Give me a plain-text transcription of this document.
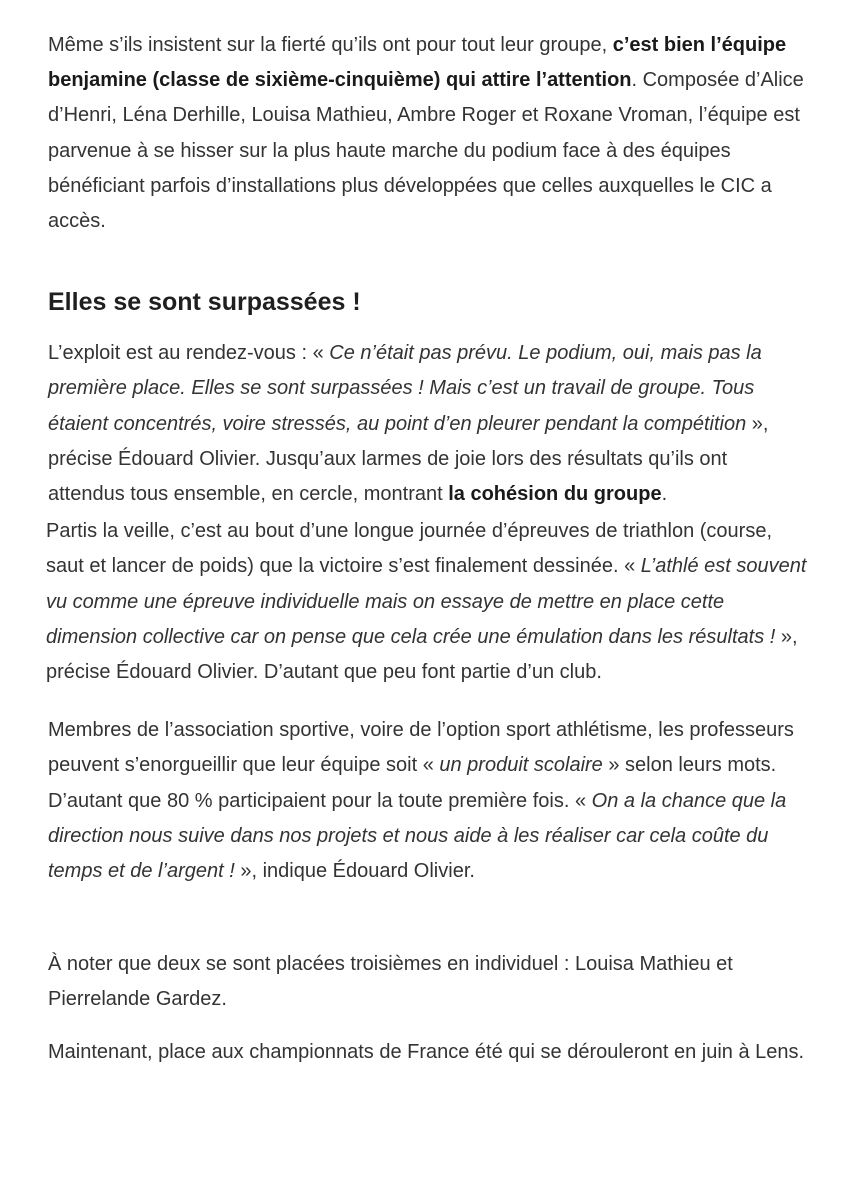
Même s’ils insistent sur la fierté qu’ils ont pour tout leur groupe, c’est bien l’équipe benjamine (classe de sixième-cinquième) qui attire l’attention. Composée d’Alice d’Henri, Léna Derhille, Louisa Mathieu, Ambre Roger et Roxane Vroman, l’équipe est parvenue à se hisser sur la plus haute marche du podium face à des équipes bénéficiant parfois d’installations plus développées que celles auxquelles le CIC a accès.

Elles se sont surpassées !

L’exploit est au rendez-vous : « Ce n’était pas prévu. Le podium, oui, mais pas la première place. Elles se sont surpassées ! Mais c’est un travail de groupe. Tous étaient concentrés, voire stressés, au point d’en pleurer pendant la compétition », précise Édouard Olivier. Jusqu’aux larmes de joie lors des résultats qu’ils ont attendus tous ensemble, en cercle, montrant la cohésion du groupe.

Partis la veille, c’est au bout d’une longue journée d’épreuves de triathlon (course, saut et lancer de poids) que la victoire s’est finalement dessinée. « L’athlé est souvent vu comme une épreuve individuelle mais on essaye de mettre en place cette dimension collective car on pense que cela crée une émulation dans les résultats ! », précise Édouard Olivier. D’autant que peu font partie d’un club.

Membres de l’association sportive, voire de l’option sport athlétisme, les professeurs peuvent s’enorgueillir que leur équipe soit « un produit scolaire » selon leurs mots. D’autant que 80 % participaient pour la toute première fois. « On a la chance que la direction nous suive dans nos projets et nous aide à les réaliser car cela coûte du temps et de l’argent ! », indique Édouard Olivier.

À noter que deux se sont placées troisièmes en individuel : Louisa Mathieu et Pierrelande Gardez.

Maintenant, place aux championnats de France été qui se dérouleront en juin à Lens.
